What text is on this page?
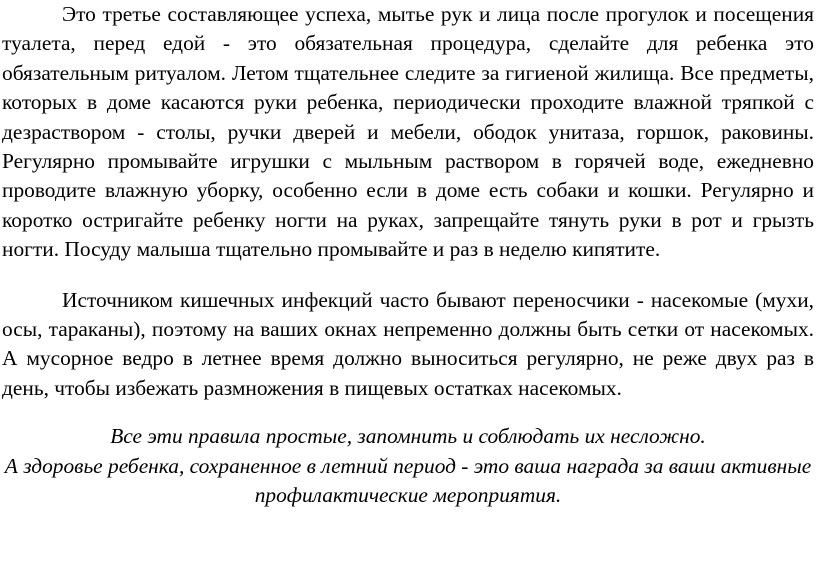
Это третье составляющее успеха, мытье рук и лица после прогулок и посещения туалета, перед едой - это обязательная процедура, сделайте для ребенка это обязательным ритуалом. Летом тщательнее следите за гигиеной жилища. Все предметы, которых в доме касаются руки ребенка, периодически проходите влажной тряпкой с дезраствором - столы, ручки дверей и мебели, ободок унитаза, горшок, раковины. Регулярно промывайте игрушки с мыльным раствором в горячей воде, ежедневно проводите влажную уборку, особенно если в доме есть собаки и кошки. Регулярно и коротко остригайте ребенку ногти на руках, запрещайте тянуть руки в рот и грызть ногти. Посуду малыша тщательно промывайте и раз в неделю кипятите.

Источником кишечных инфекций часто бывают переносчики - насекомые (мухи, осы, тараканы), поэтому на ваших окнах непременно должны быть сетки от насекомых. А мусорное ведро в летнее время должно выноситься регулярно, не реже двух раз в день, чтобы избежать размножения в пищевых остатках насекомых.

Все эти правила простые, запомнить и соблюдать их несложно.
А здоровье ребенка, сохраненное в летний период - это ваша награда за ваши активные профилактические мероприятия.
